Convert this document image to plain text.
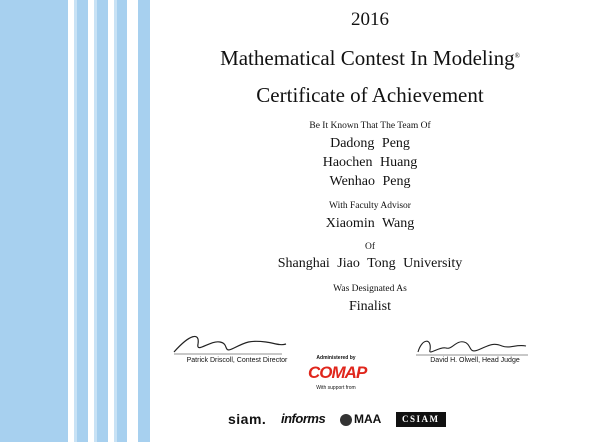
2016
Mathematical Contest In Modeling®
Certificate of Achievement
Be It Known That The Team Of
Dadong Peng
Haochen Huang
Wenhao Peng
With Faculty Advisor
Xiaomin Wang
Of
Shanghai Jiao Tong University
Was Designated As
Finalist
Patrick Driscoll, Contest Director	Administered by
COMAP
With support from
David H. Olwell, Head Judge
siam. informs	MAA	CSIAM
